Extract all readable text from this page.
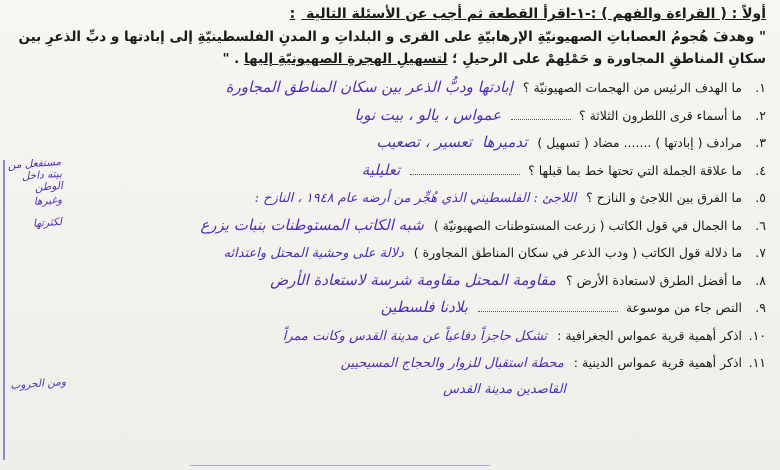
مستفعل من بيته داخل الوطن
وغيرها
لكثرتها
ومن الحروب
أولاً : ( القراءة والفهم ) :-١-اقرأ القطعة ثم أجب عن الأسئلة التالية :
" وهدفَ هُجومُ العصاباتِ الصهيونيّةِ الإرهابيّةِ على القرى و البلداتِ و المدنِ الفلسطينيّةِ إلى إبادتها و دبِّ الذعرِ بين
سكانِ المناطقِ المجاورة و حَمْلِهمْ على الرحيلِ ؛ لتسهيلِ الهجرةِ الصهيونيّةِ إليها . "
١. ما الهدف الرئيس من الهجمات الصهيونيّة ؟ إبادتها ودبُّ الذعر بين سكان المناطق المجاورة
٢. ما أسماء قرى اللطرون الثلاثة ؟  عمواس ، يالو ، بيت نوبا
٣. مرادف ( إبادتها ) ....... مضاد ( تسهيل ) تدميرها تعسير ، تصعيب
٤. ما علاقة الجملة التي تحتها خط بما قبلها ؟  تعليلية
٥. ما الفرق بين اللاجئ و النازح ؟ اللاجئ : الفلسطيني الذي هُجِّر من أرضه عام ١٩٤٨ ، النازح :
٦. ما الجمال في قول الكاتب ( زرعت المستوطنات الصهيونيّة ) شبه الكاتب المستوطنات بنبات يزرع
٧. ما دلالة قول الكاتب ( ودب الذعر في سكان المناطق المجاورة ) دلالة على وحشية المحتل واعتدائه
٨. ما أفضل الطرق لاستعادة الأرض ؟ مقاومة المحتل مقاومة شرسة لاستعادة الأرض
٩. النص جاء من موسوعة  بلادنا فلسطين
١٠. اذكر أهمية قرية عمواس الجغرافية : تشكل حاجزاً دفاعياً عن مدينة القدس وكانت ممراً
١١. اذكر أهمية قرية عمواس الدينية : محطة استقبال للزوار والحجاج المسيحيين
القاصدين مدينة القدس
